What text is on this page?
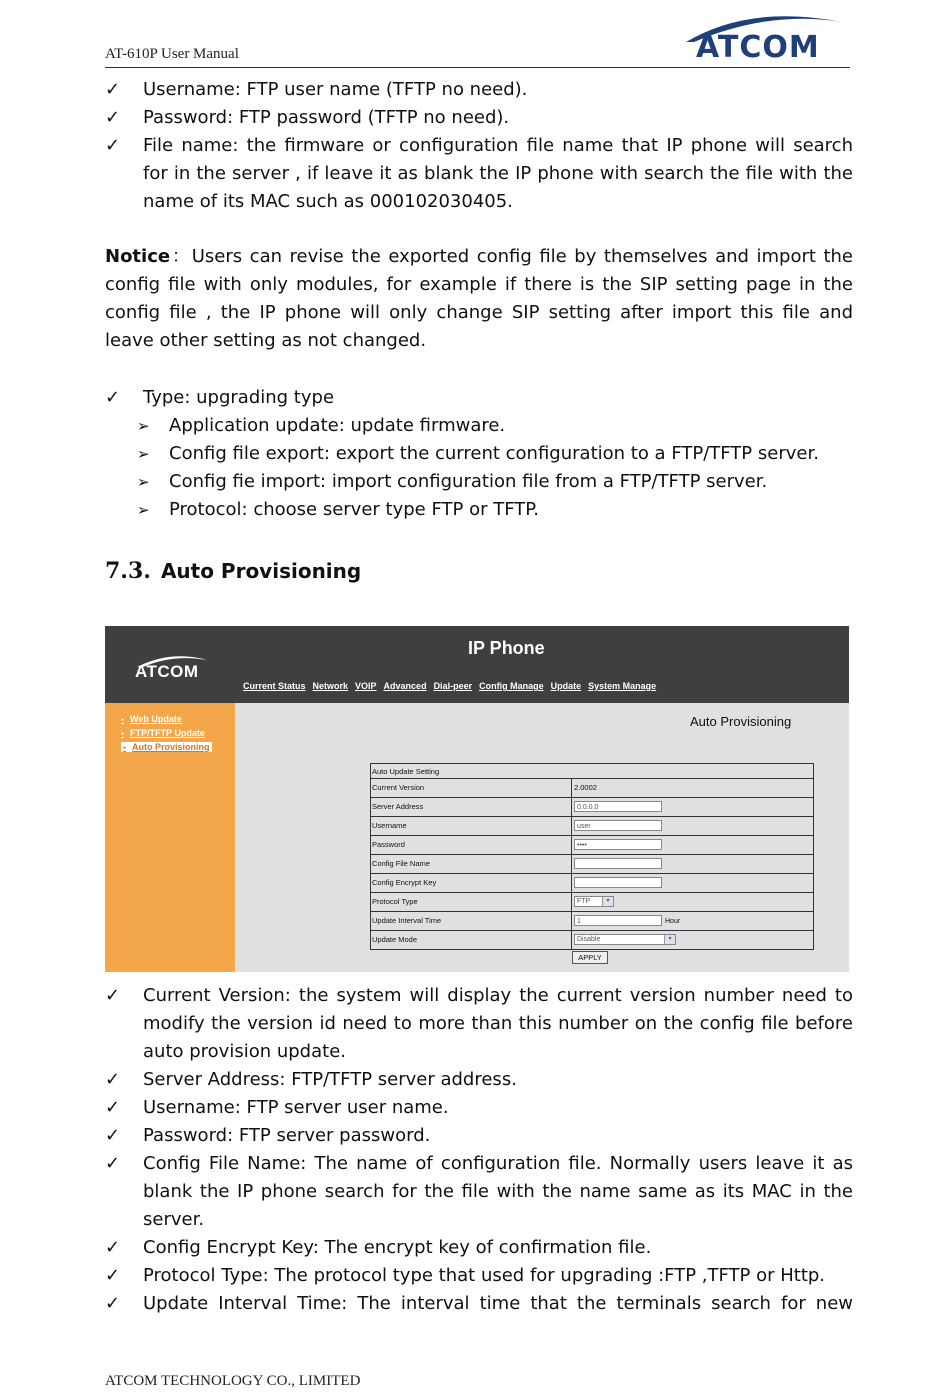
AT-610P User Manual	ATCOM
✓	Username: FTP user name (TFTP no need).
✓	Password: FTP password (TFTP no need).
✓	File name: the firmware or configuration file name that IP phone will search for in the server , if leave it as blank the IP phone with search the file with the name of its MAC such as 000102030405.
Notice：Users can revise the exported config file by themselves and import the config file with only modules, for example if there is the SIP setting page in the config file , the IP phone will only change SIP setting after import this file and leave other setting as not changed.
✓	Type: upgrading type
➢ Application update: update firmware.
➢ Config file export: export the current configuration to a FTP/TFTP server.
➢ Config fie import: import configuration file from a FTP/TFTP server.
➢ Protocol: choose server type FTP or TFTP.
7.3. Auto Provisioning
IP Phone
ATCOM
Current Status Network VOIP Advanced Dial-peer Config Manage Update System Manage
● Web Update
● FTP/TFTP Update
● Auto Provisioning
Auto Provisioning
Auto Update Setting
Current Version	2.0002
Server Address	0.0.0.0
Username	user
Password	••••
Config File Name
Config Encrypt Key
Protocol Type	FTP	▾
Update Interval Time	1	Hour
Update Mode	Disable	▾
APPLY
✓	Current Version: the system will display the current version number need to modify the version id need to more than this number on the config file before auto provision update.
✓	Server Address: FTP/TFTP server address.
✓	Username: FTP server user name.
✓	Password: FTP server password.
✓	Config File Name: The name of configuration file. Normally users leave it as blank the IP phone search for the file with the name same as its MAC in the server.
✓	Config Encrypt Key: The encrypt key of confirmation file.
✓	Protocol Type: The protocol type that used for upgrading :FTP ,TFTP or Http.
✓	Update Interval Time: The interval time that the terminals search for new
ATCOM TECHNOLOGY CO., LIMITED
